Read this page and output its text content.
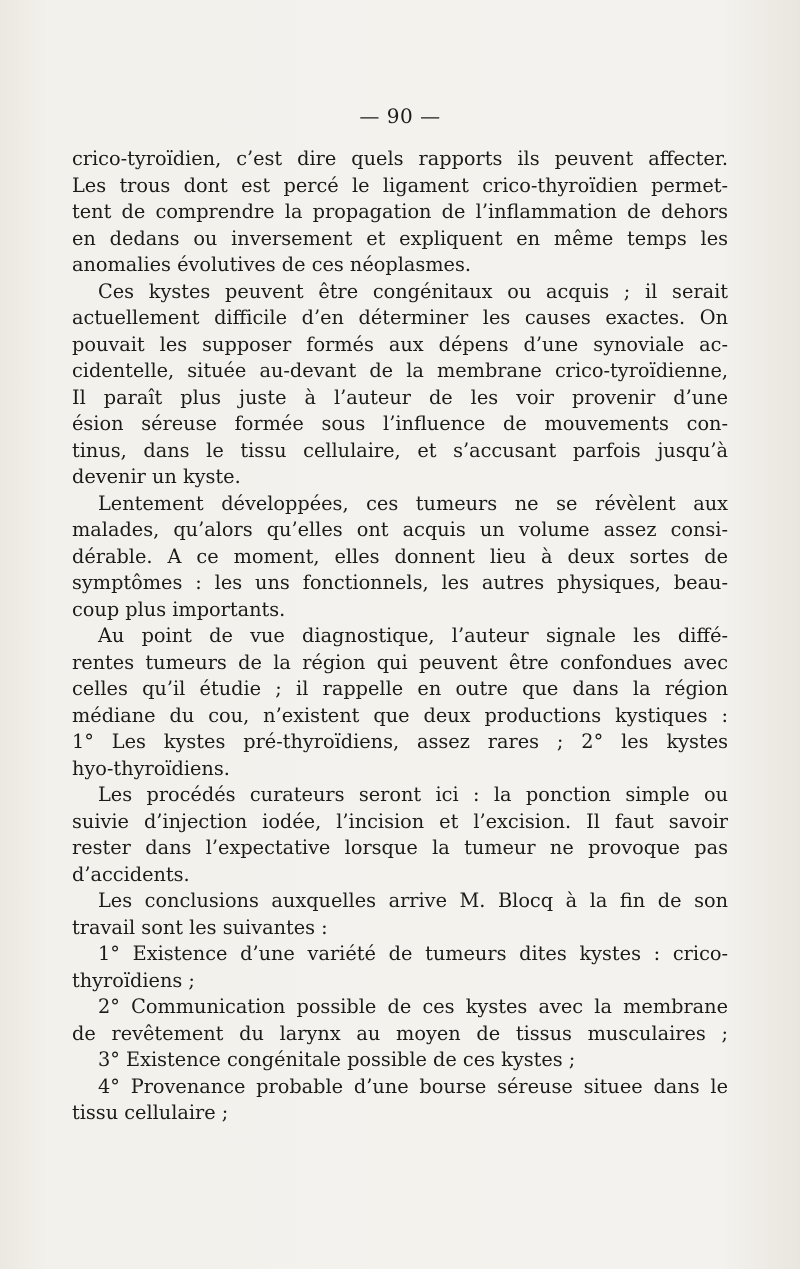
— 90 —
crico-tyroïdien, c’est dire quels rapports ils peuvent affecter.
Les trous dont est percé le ligament crico-thyroïdien permet-
tent de comprendre la propagation de l’inflammation de dehors
en dedans ou inversement et expliquent en même temps les
anomalies évolutives de ces néoplasmes.
Ces kystes peuvent être congénitaux ou acquis ; il serait
actuellement difficile d’en déterminer les causes exactes. On
pouvait les supposer formés aux dépens d’une synoviale ac-
cidentelle, située au-devant de la membrane crico-tyroïdienne,
Il paraît plus juste à l’auteur de les voir provenir d’une
ésion séreuse formée sous l’influence de mouvements con-
tinus, dans le tissu cellulaire, et s’accusant parfois jusqu’à
devenir un kyste.
Lentement développées, ces tumeurs ne se révèlent aux
malades, qu’alors qu’elles ont acquis un volume assez consi-
dérable. A ce moment, elles donnent lieu à deux sortes de
symptômes : les uns fonctionnels, les autres physiques, beau-
coup plus importants.
Au point de vue diagnostique, l’auteur signale les diffé-
rentes tumeurs de la région qui peuvent être confondues avec
celles qu’il étudie ; il rappelle en outre que dans la région
médiane du cou, n’existent que deux productions kystiques :
1° Les kystes pré-thyroïdiens, assez rares ; 2° les kystes
hyo-thyroïdiens.
Les procédés curateurs seront ici : la ponction simple ou
suivie d’injection iodée, l’incision et l’excision. Il faut savoir
rester dans l’expectative lorsque la tumeur ne provoque pas
d’accidents.
Les conclusions auxquelles arrive M. Blocq à la fin de son
travail sont les suivantes :
1° Existence d’une variété de tumeurs dites kystes : crico-
thyroïdiens ;
2° Communication possible de ces kystes avec la membrane
de revêtement du larynx au moyen de tissus musculaires ;
3° Existence congénitale possible de ces kystes ;
4° Provenance probable d’une bourse séreuse situee dans le
tissu cellulaire ;
